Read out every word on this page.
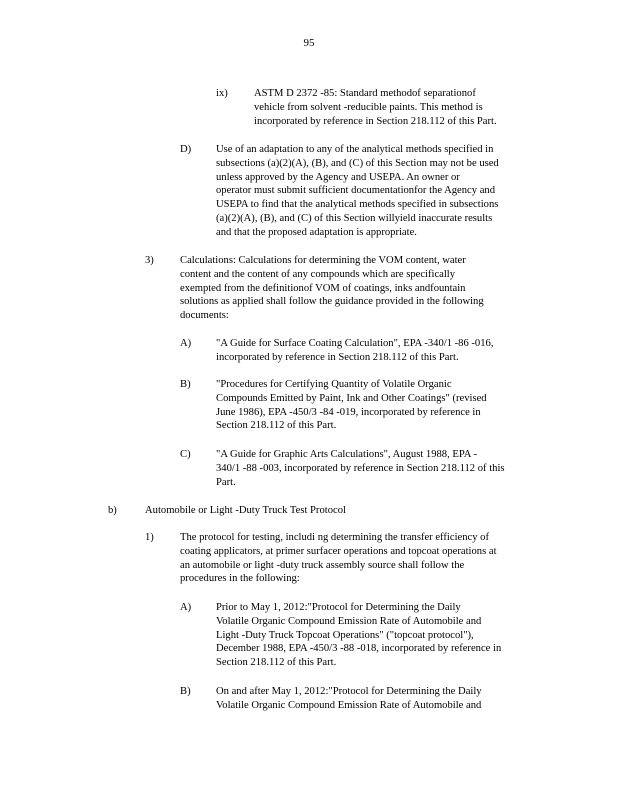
95
ix) ASTM D 2372 -85: Standard methodof separationof
vehicle from solvent -reducible paints. This method is
incorporated by reference in Section 218.112 of this Part.
D) Use of an adaptation to any of the analytical methods specified in
subsections (a)(2)(A), (B), and (C) of this Section may not be used
unless approved by the Agency and USEPA. An owner or
operator must submit sufficient documentationfor the Agency and
USEPA to find that the analytical methods specified in subsections
(a)(2)(A), (B), and (C) of this Section willyield inaccurate results
and that the proposed adaptation is appropriate.
3) Calculations: Calculations for determining the VOM content, water
content and the content of any compounds which are specifically
exempted from the definitionof VOM of coatings, inks andfountain
solutions as applied shall follow the guidance provided in the following
documents:
A) "A Guide for Surface Coating Calculation", EPA -340/1 -86 -016,
incorporated by reference in Section 218.112 of this Part.
B) "Procedures for Certifying Quantity of Volatile Organic
Compounds Emitted by Paint, Ink and Other Coatings" (revised
June 1986), EPA -450/3 -84 -019, incorporated by reference in
Section 218.112 of this Part.
C) "A Guide for Graphic Arts Calculations", August 1988, EPA -
340/1 -88 -003, incorporated by reference in Section 218.112 of this
Part.
b)	Automobile or Light -Duty Truck Test Protocol
1) The protocol for testing, includi ng determining the transfer efficiency of
coating applicators, at primer surfacer operations and topcoat operations at
an automobile or light -duty truck assembly source shall follow the
procedures in the following:
A) Prior to May 1, 2012:"Protocol for Determining the Daily
Volatile Organic Compound Emission Rate of Automobile and
Light -Duty Truck Topcoat Operations" ("topcoat protocol"),
December 1988, EPA -450/3 -88 -018, incorporated by reference in
Section 218.112 of this Part.
B) On and after May 1, 2012:"Protocol for Determining the Daily
Volatile Organic Compound Emission Rate of Automobile and
